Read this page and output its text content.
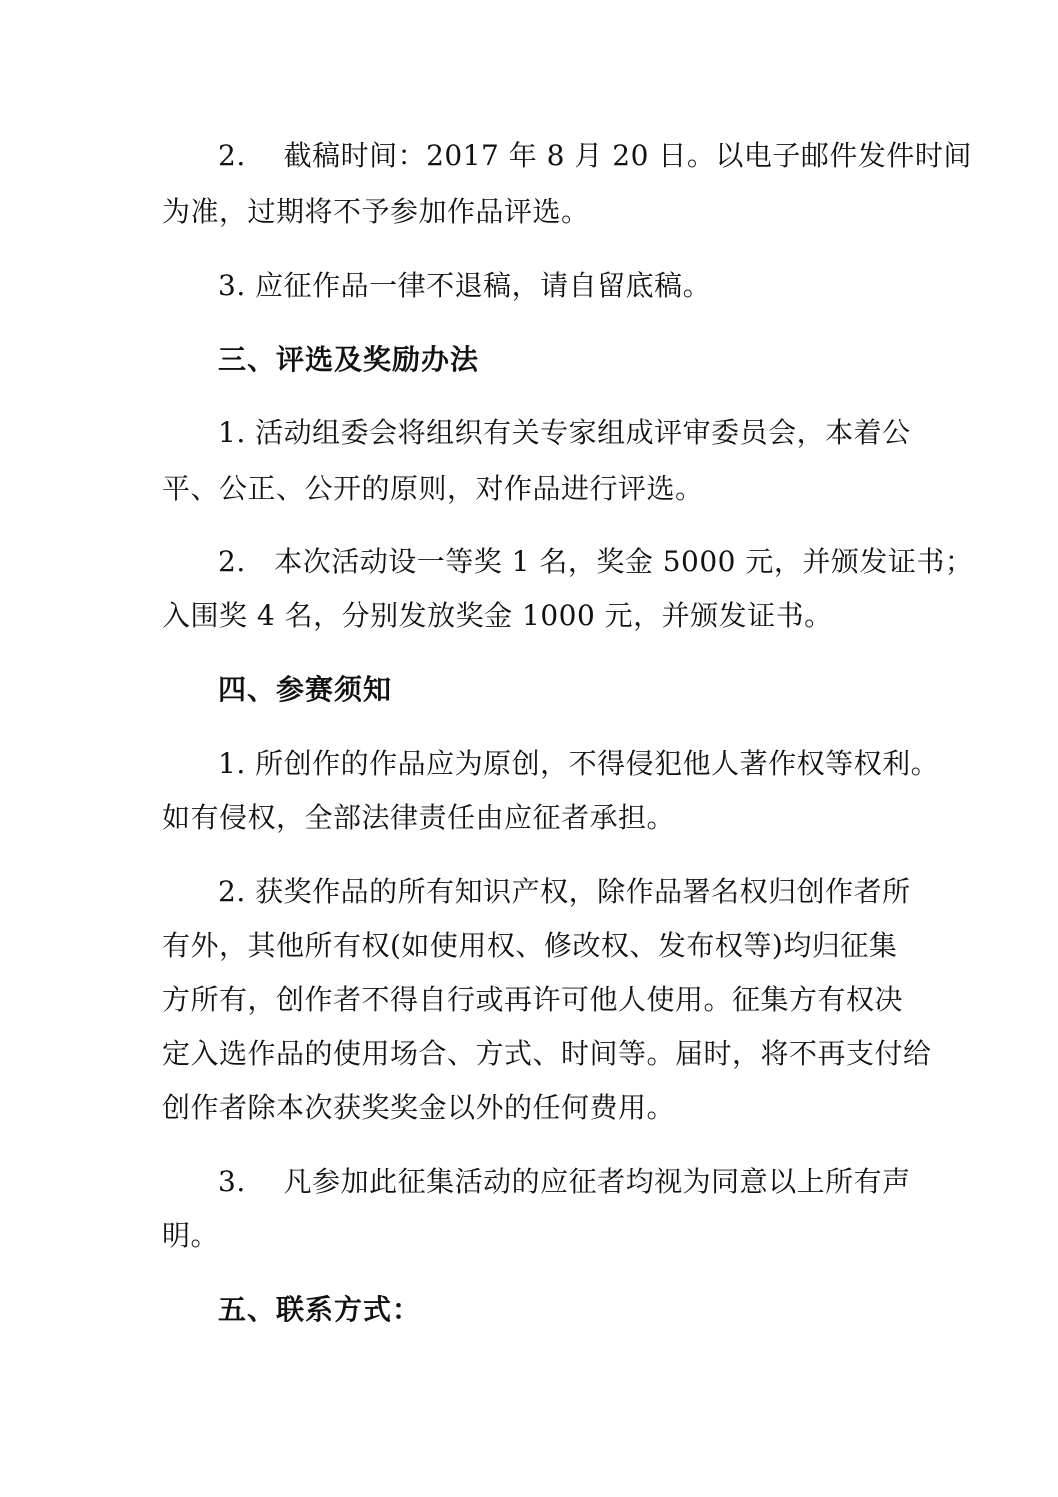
2.　 截稿时间：2017 年 8 月 20 日。以电子邮件发件时间
为准，过期将不予参加作品评选。
3. 应征作品一律不退稿，请自留底稿。
三、评选及奖励办法
1. 活动组委会将组织有关专家组成评审委员会，本着公
平、公正、公开的原则，对作品进行评选。
2.　本次活动设一等奖 1 名，奖金 5000 元，并颁发证书；
入围奖 4 名，分别发放奖金 1000 元，并颁发证书。
四、参赛须知
1. 所创作的作品应为原创，不得侵犯他人著作权等权利。
如有侵权，全部法律责任由应征者承担。
2. 获奖作品的所有知识产权，除作品署名权归创作者所
有外，其他所有权(如使用权、修改权、发布权等)均归征集
方所有，创作者不得自行或再许可他人使用。征集方有权决
定入选作品的使用场合、方式、时间等。届时，将不再支付给
创作者除本次获奖奖金以外的任何费用。
3.　 凡参加此征集活动的应征者均视为同意以上所有声
明。
五、联系方式：
